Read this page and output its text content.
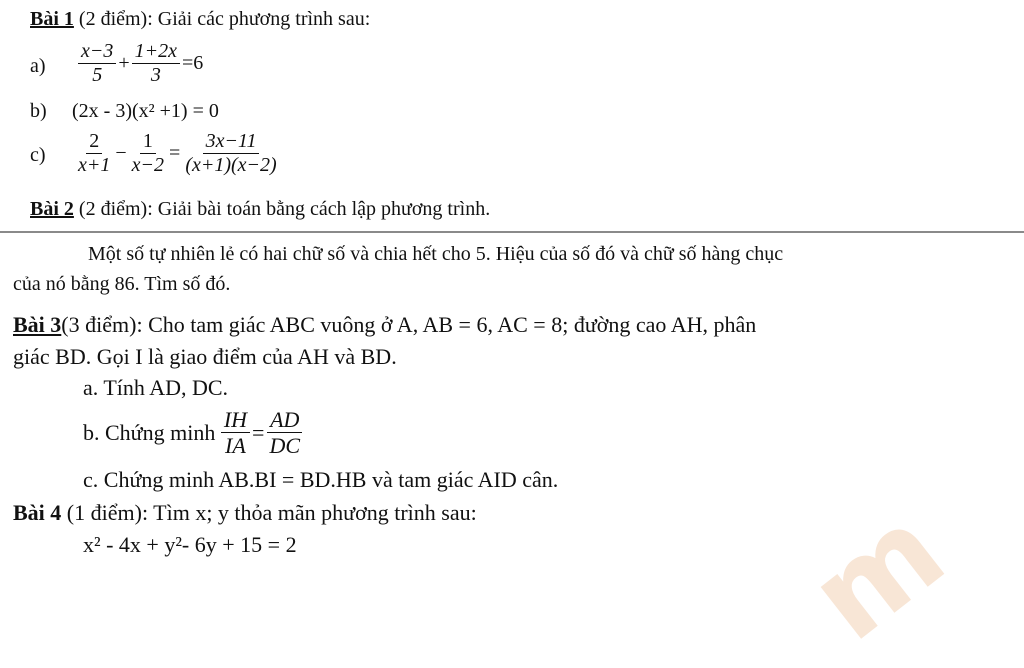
m
Bài 1 (2 điểm): Giải các phương trình sau:
$a) \frac{x-3}{5} + \frac{1+2x}{3} =6$
b) (2x - 3)(x² +1) = 0
$c) \frac{2}{x+1} - \frac{1}{x-2} = \frac{3x-11}{(x+1)(x-2)}$
Bài 2 (2 điểm): Giải bài toán bằng cách lập phương trình.
Một số tự nhiên lẻ có hai chữ số và chia hết cho 5. Hiệu của số đó và chữ số hàng chục
của nó bằng 86. Tìm số đó.
Bài 3(3 điểm): Cho tam giác ABC vuông ở A, AB = 6, AC = 8; đường cao AH, phân
giác BD. Gọi I là giao điểm của AH và BD.
a. Tính AD, DC.
b. Chứng minh $\frac{IH}{IA} = \frac{AD}{DC}$
c. Chứng minh AB.BI = BD.HB và tam giác AID cân.
Bài 4 (1 điểm): Tìm x; y thỏa mãn phương trình sau:
x² - 4x + y²- 6y + 15 = 2
